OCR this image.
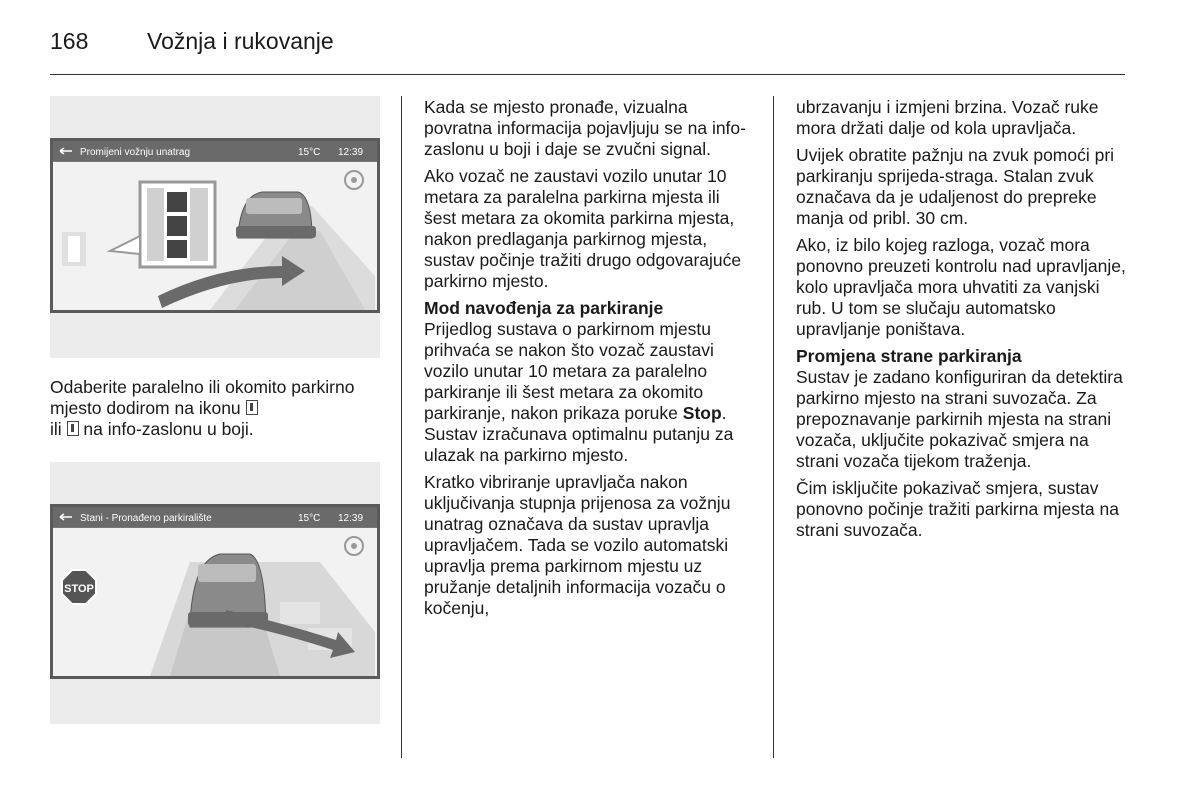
168	Vožnja i rukovanje
Promijeni vožnju unatrag	15°C 12:39
Odaberite paralelno ili okomito parkirno mjesto dodirom na ikonu
ili na info-zaslonu u boji.
Stani - Pronađeno parkiralište	15°C 12:39
STOP

Kada se mjesto pronađe, vizualna povratna informacija pojavljuju se na info-zaslonu u boji i daje se zvučni signal.

Ako vozač ne zaustavi vozilo unutar 10 metara za paralelna parkirna mjesta ili šest metara za okomita parkirna mjesta, nakon predlaganja parkirnog mjesta, sustav počinje tražiti drugo odgovarajuće parkirno mjesto.

Mod navođenja za parkiranje

Prijedlog sustava o parkirnom mjestu prihvaća se nakon što vozač zaustavi vozilo unutar 10 metara za paralelno parkiranje ili šest metara za okomito parkiranje, nakon prikaza poruke Stop. Sustav izračunava optimalnu putanju za ulazak na parkirno mjesto.

Kratko vibriranje upravljača nakon uključivanja stupnja prijenosa za vožnju unatrag označava da sustav upravlja upravljačem. Tada se vozilo automatski upravlja prema parkirnom mjestu uz pružanje detaljnih informacija vozaču o kočenju,

ubrzavanju i izmjeni brzina. Vozač ruke mora držati dalje od kola upravljača.

Uvijek obratite pažnju na zvuk pomoći pri parkiranju sprijeda-straga. Stalan zvuk označava da je udaljenost do prepreke manja od pribl. 30 cm.

Ako, iz bilo kojeg razloga, vozač mora ponovno preuzeti kontrolu nad upravljanje, kolo upravljača mora uhvatiti za vanjski rub. U tom se slučaju automatsko upravljanje poništava.

Promjena strane parkiranja

Sustav je zadano konfiguriran da detektira parkirno mjesto na strani suvozača. Za prepoznavanje parkirnih mjesta na strani vozača, uključite pokazivač smjera na strani vozača tijekom traženja.

Čim isključite pokazivač smjera, sustav ponovno počinje tražiti parkirna mjesta na strani suvozača.
